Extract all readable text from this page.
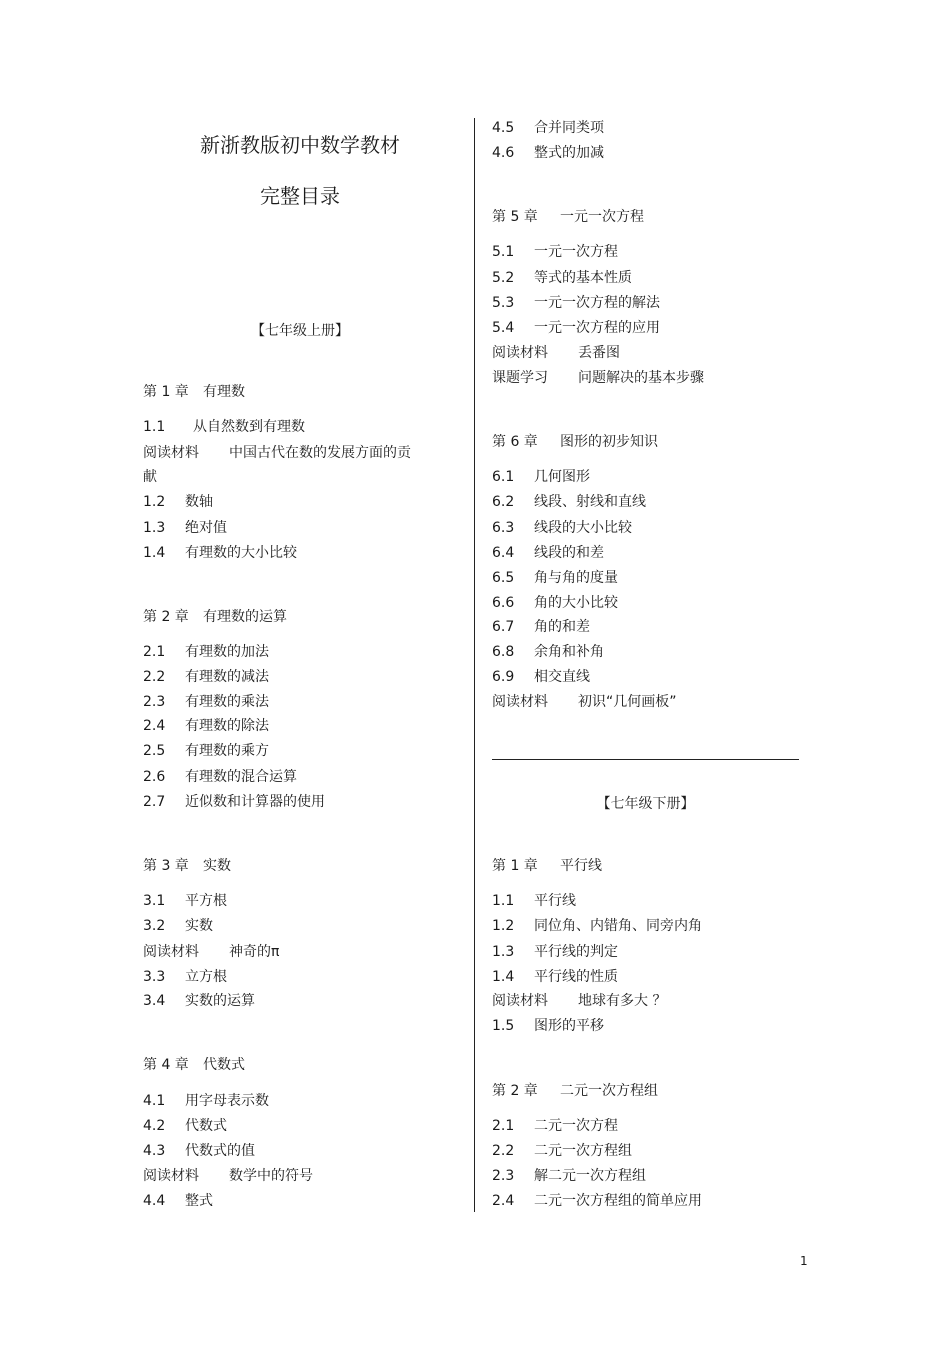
新浙教版初中数学教材
完整目录
【七年级上册】
第 1 章 有理数
1.1 从自然数到有理数
阅读材料 中国古代在数的发展方面的贡
献
1.2 数轴
1.3 绝对值
1.4 有理数的大小比较
第 2 章 有理数的运算
2.1 有理数的加法
2.2 有理数的减法
2.3 有理数的乘法
2.4 有理数的除法
2.5 有理数的乘方
2.6 有理数的混合运算
2.7 近似数和计算器的使用
第 3 章 实数
3.1 平方根
3.2 实数
阅读材料 神奇的π
3.3 立方根
3.4 实数的运算
第 4 章 代数式
4.1 用字母表示数
4.2 代数式
4.3 代数式的值
阅读材料 数学中的符号
4.4 整式
4.5 合并同类项
4.6 整式的加减
第 5 章 一元一次方程
5.1 一元一次方程
5.2 等式的基本性质
5.3 一元一次方程的解法
5.4 一元一次方程的应用
阅读材料 丢番图
课题学习 问题解决的基本步骤
第 6 章 图形的初步知识
6.1 几何图形
6.2 线段、射线和直线
6.3 线段的大小比较
6.4 线段的和差
6.5 角与角的度量
6.6 角的大小比较
6.7 角的和差
6.8 余角和补角
6.9 相交直线
阅读材料 初识“几何画板”
【七年级下册】
第 1 章 平行线
1.1 平行线
1.2 同位角、内错角、同旁内角
1.3 平行线的判定
1.4 平行线的性质
阅读材料 地球有多大 ？
1.5 图形的平移
第 2 章 二元一次方程组
2.1 二元一次方程
2.2 二元一次方程组
2.3 解二元一次方程组
2.4 二元一次方程组的简单应用
1
